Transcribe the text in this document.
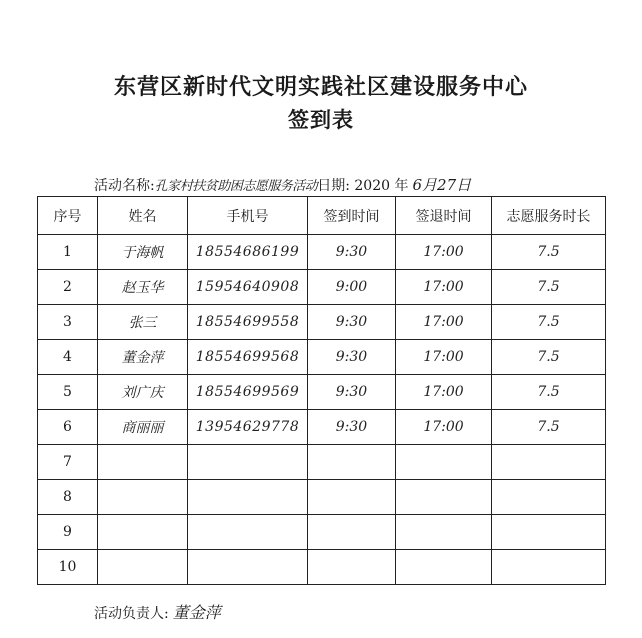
东营区新时代文明实践社区建设服务中心
签到表
活动名称:孔家村扶贫助困志愿服务活动日期: 2020 年 6月27日
序号	姓名	手机号	签到时间	签退时间	志愿服务时长
1	于海帆	18554686199	9:30	17:00	7.5
2	赵玉华	15954640908	9:00	17:00	7.5
3	张三	18554699558	9:30	17:00	7.5
4	董金萍	18554699568	9:30	17:00	7.5
5	刘广庆	18554699569	9:30	17:00	7.5
6	商丽丽	13954629778	9:30	17:00	7.5
7					
8					
9					
10					
活动负责人: 董金萍
